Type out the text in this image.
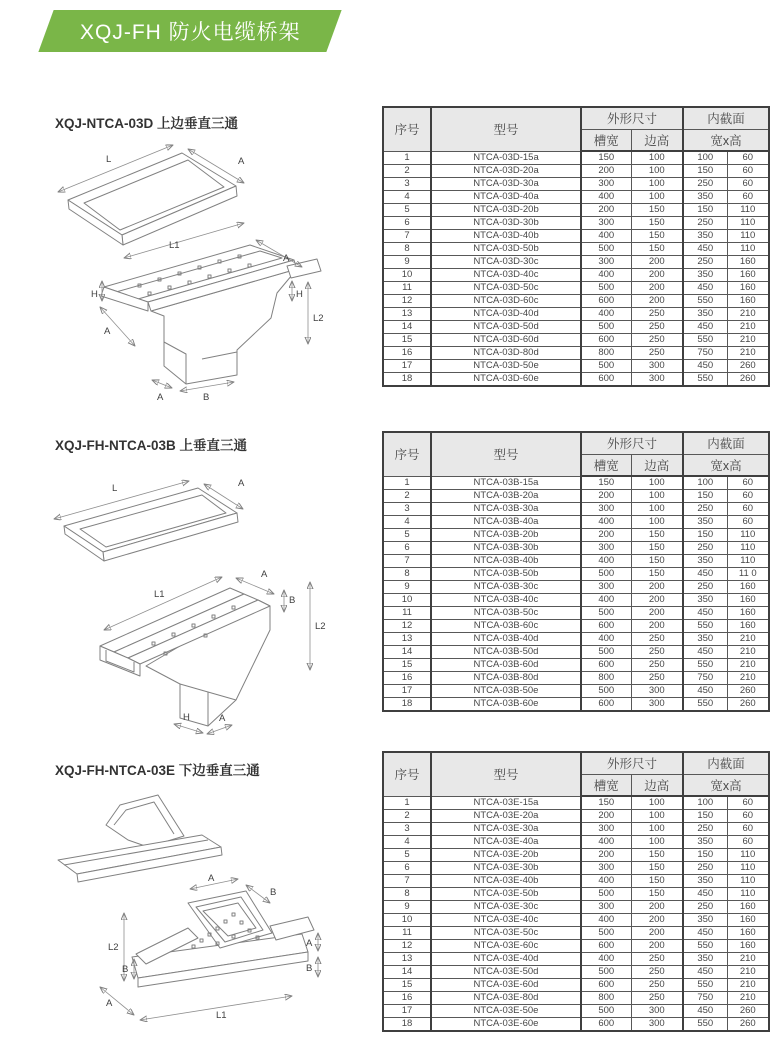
XQJ-FH 防火电缆桥架
XQJ-NTCA-03D 上边垂直三通
XQJ-FH-NTCA-03B 上垂直三通
XQJ-FH-NTCA-03E 下边垂直三通
L	A
L1
A
H	H
L2
A
A	B
L	A
L1
A
B
L2
H	A
A
B
L2
B
A
B
A
L1
序号	型号	外形尺寸		内截面	
		槽宽	边高	宽x高	
1	NTCA-03D-15a	150	100	100	60
2	NTCA-03D-20a	200	100	150	60
3	NTCA-03D-30a	300	100	250	60
4	NTCA-03D-40a	400	100	350	60
5	NTCA-03D-20b	200	150	150	110
6	NTCA-03D-30b	300	150	250	110
7	NTCA-03D-40b	400	150	350	110
8	NTCA-03D-50b	500	150	450	110
9	NTCA-03D-30c	300	200	250	160
10	NTCA-03D-40c	400	200	350	160
11	NTCA-03D-50c	500	200	450	160
12	NTCA-03D-60c	600	200	550	160
13	NTCA-03D-40d	400	250	350	210
14	NTCA-03D-50d	500	250	450	210
15	NTCA-03D-60d	600	250	550	210
16	NTCA-03D-80d	800	250	750	210
17	NTCA-03D-50e	500	300	450	260
18	NTCA-03D-60e	600	300	550	260
序号	型号	外形尺寸		内截面	
		槽宽	边高	宽x高	
1	NTCA-03B-15a	150	100	100	60
2	NTCA-03B-20a	200	100	150	60
3	NTCA-03B-30a	300	100	250	60
4	NTCA-03B-40a	400	100	350	60
5	NTCA-03B-20b	200	150	150	110
6	NTCA-03B-30b	300	150	250	110
7	NTCA-03B-40b	400	150	350	110
8	NTCA-03B-50b	500	150	450	11 0
9	NTCA-03B-30c	300	200	250	160
10	NTCA-03B-40c	400	200	350	160
11	NTCA-03B-50c	500	200	450	160
12	NTCA-03B-60c	600	200	550	160
13	NTCA-03B-40d	400	250	350	210
14	NTCA-03B-50d	500	250	450	210
15	NTCA-03B-60d	600	250	550	210
16	NTCA-03B-80d	800	250	750	210
17	NTCA-03B-50e	500	300	450	260
18	NTCA-03B-60e	600	300	550	260
序号	型号	外形尺寸		内截面	
		槽宽	边高	宽x高	
1	NTCA-03E-15a	150	100	100	60
2	NTCA-03E-20a	200	100	150	60
3	NTCA-03E-30a	300	100	250	60
4	NTCA-03E-40a	400	100	350	60
5	NTCA-03E-20b	200	150	150	110
6	NTCA-03E-30b	300	150	250	110
7	NTCA-03E-40b	400	150	350	110
8	NTCA-03E-50b	500	150	450	110
9	NTCA-03E-30c	300	200	250	160
10	NTCA-03E-40c	400	200	350	160
11	NTCA-03E-50c	500	200	450	160
12	NTCA-03E-60c	600	200	550	160
13	NTCA-03E-40d	400	250	350	210
14	NTCA-03E-50d	500	250	450	210
15	NTCA-03E-60d	600	250	550	210
16	NTCA-03E-80d	800	250	750	210
17	NTCA-03E-50e	500	300	450	260
18	NTCA-03E-60e	600	300	550	260
